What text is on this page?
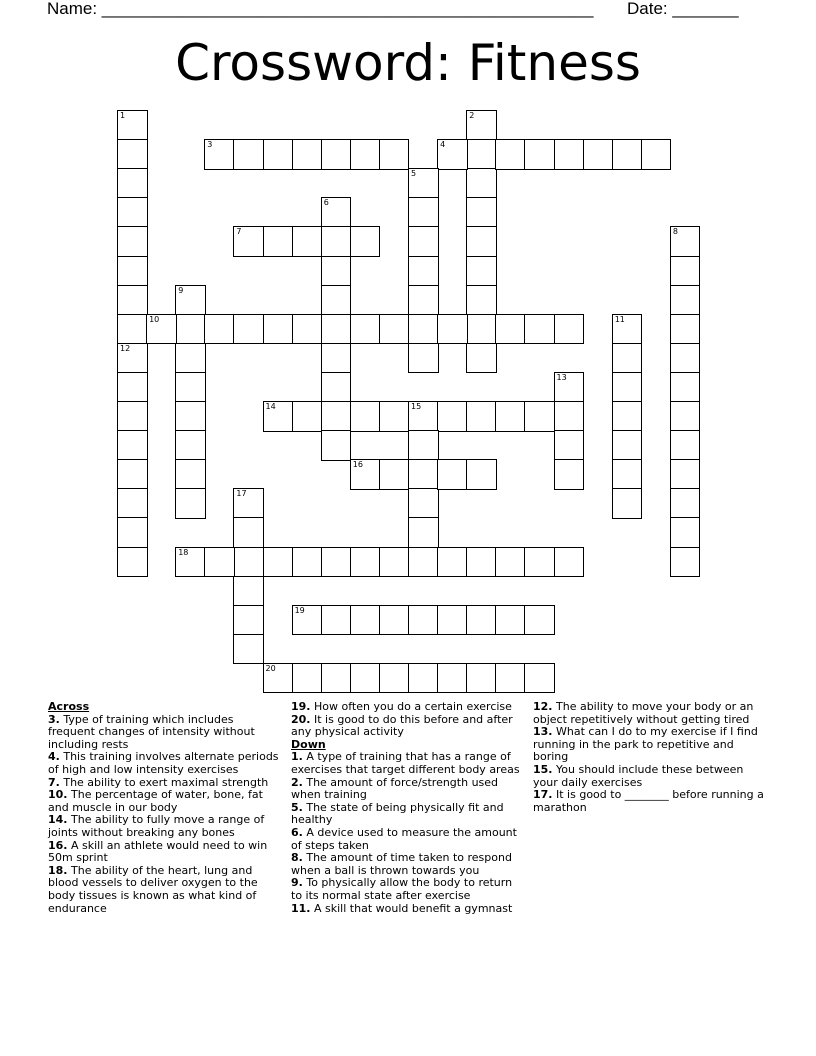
Name: ____________________________________________________ Date: _______
Crossword: Fitness
1
12
2
3	4
5
6
7	8
9
10	11
13
14	15
16
17
18
19
20
Across
3. Type of training which includes frequent changes of intensity without including rests
4. This training involves alternate periods of high and low intensity exercises
7. The ability to exert maximal strength
10. The percentage of water, bone, fat and muscle in our body
14. The ability to fully move a range of joints without breaking any bones
16. A skill an athlete would need to win 50m sprint
18. The ability of the heart, lung and blood vessels to deliver oxygen to the body tissues is known as what kind of endurance
19. How often you do a certain exercise
20. It is good to do this before and after any physical activity
Down
1. A type of training that has a range of exercises that target different body areas
2. The amount of force/strength used when training
5. The state of being physically fit and healthy
6. A device used to measure the amount of steps taken
8. The amount of time taken to respond when a ball is thrown towards you
9. To physically allow the body to return to its normal state after exercise
11. A skill that would benefit a gymnast
12. The ability to move your body or an object repetitively without getting tired
13. What can I do to my exercise if I find running in the park to repetitive and boring
15. You should include these between your daily exercises
17. It is good to ________ before running a marathon
